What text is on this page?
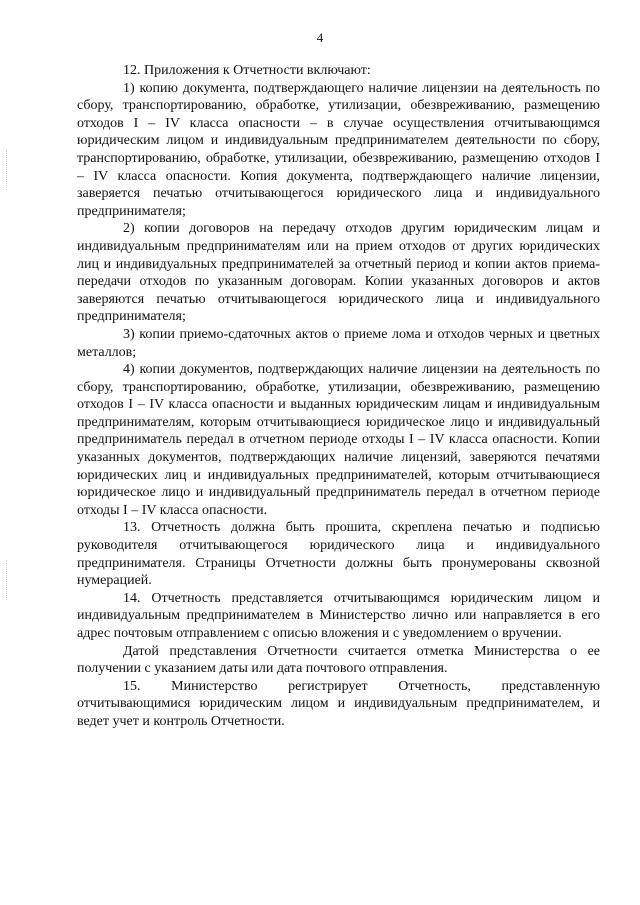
4

12. Приложения к Отчетности включают:

1) копию документа, подтверждающего наличие лицензии на деятельность по сбору, транспортированию, обработке, утилизации, обезвреживанию, размещению отходов I – IV класса опасности – в случае осуществления отчитывающимся юридическим лицом и индивидуальным предпринимателем деятельности по сбору, транспортированию, обработке, утилизации, обезвреживанию, размещению отходов I – IV класса опасности. Копия документа, подтверждающего наличие лицензии, заверяется печатью отчитывающегося юридического лица и индивидуального предпринимателя;

2) копии договоров на передачу отходов другим юридическим лицам и индивидуальным предпринимателям или на прием отходов от других юридических лиц и индивидуальных предпринимателей за отчетный период и копии актов приема-передачи отходов по указанным договорам. Копии указанных договоров и актов заверяются печатью отчитывающегося юридического лица и индивидуального предпринимателя;

3) копии приемо-сдаточных актов о приеме лома и отходов черных и цветных металлов;

4) копии документов, подтверждающих наличие лицензии на деятельность по сбору, транспортированию, обработке, утилизации, обезвреживанию, размещению отходов I – IV класса опасности и выданных юридическим лицам и индивидуальным предпринимателям, которым отчитывающиеся юридическое лицо и индивидуальный предприниматель передал в отчетном периоде отходы I – IV класса опасности. Копии указанных документов, подтверждающих наличие лицензий, заверяются печатями юридических лиц и индивидуальных предпринимателей, которым отчитывающиеся юридическое лицо и индивидуальный предприниматель передал в отчетном периоде отходы I – IV класса опасности.

13. Отчетность должна быть прошита, скреплена печатью и подписью руководителя отчитывающегося юридического лица и индивидуального предпринимателя. Страницы Отчетности должны быть пронумерованы сквозной нумерацией.

14. Отчетность представляется отчитывающимся юридическим лицом и индивидуальным предпринимателем в Министерство лично или направляется в его адрес почтовым отправлением с описью вложения и с уведомлением о вручении.

Датой представления Отчетности считается отметка Министерства о ее получении с указанием даты или дата почтового отправления.

15. Министерство регистрирует Отчетность, представленную отчитывающимися юридическим лицом и индивидуальным предпринимателем, и ведет учет и контроль Отчетности.
